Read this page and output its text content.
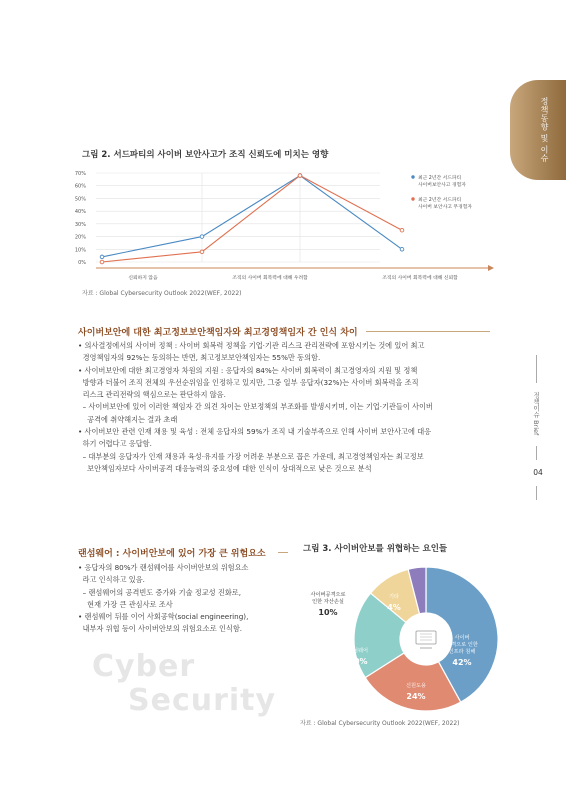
정책동향 및 이슈
정책이슈 Brief
04
그림 2. 서드파티의 사이버 보안사고가 조직 신뢰도에 미치는 영향
0%
10%
20%
30%
40%
50%
60%
70%
신뢰하지 않음	조직의 사이버 회복력에 대해 우려함	조직의 사이버 회복력에 대해 신뢰함
최근 2년간 서드파티
사이버보안사고 경험자
최근 2년간 서드파티
사이버 보안사고 무경험자
자료 : Global Cybersecurity Outlook 2022(WEF, 2022)
사이버보안에 대한 최고정보보안책임자와 최고경영책임자 간 인식 차이

• 의사결정에서의 사이버 정책 : 사이버 회복력 정책을 기업·기관 리스크 관리전략에 포함시키는 것에 있어 최고

경영책임자의 92%는 동의하는 반면, 최고정보보안책임자는 55%만 동의함.

• 사이버보안에 대한 최고경영자 차원의 지원 : 응답자의 84%는 사이버 회복력이 최고경영자의 지원 및 정책

방향과 더불어 조직 전체의 우선순위임을 인정하고 있지만, 그중 일부 응답자(32%)는 사이버 회복력을 조직

리스크 관리전략의 핵심으로는 판단하지 않음.

– 사이버보안에 있어 이러한 책임자 간 의견 차이는 안보정책의 부조화를 발생시키며, 이는 기업·기관들이 사이버

공격에 취약해지는 결과 초래

• 사이버보안 관련 인재 채용 및 육성 : 전체 응답자의 59%가 조직 내 기술부족으로 인해 사이버 보안사고에 대응

하기 어렵다고 응답함.

– 대부분의 응답자가 인재 채용과 육성·유지를 가장 어려운 부분으로 꼽은 가운데, 최고경영책임자는 최고정보

보안책임자보다 사이버공격 대응능력의 중요성에 대한 인식이 상대적으로 낮은 것으로 분석

랜섬웨어 : 사이버안보에 있어 가장 큰 위험요소

• 응답자의 80%가 랜섬웨어를 사이버안보의 위험요소

라고 인식하고 있음.

– 랜섬웨어의 공격빈도 증가와 기술 정교성 진화로,

현재 가장 큰 관심사로 조사

• 랜섬웨어 뒤를 이어 사회공학(social engineering),

내부자 위협 등이 사이버안보의 위험요소로 인식함.

Cyber
Security
그림 3. 사이버안보를 위협하는 요인들
사이버
공격으로 인한
인프라 침해
42%
신원도용
24%
랜섬웨어
20%
사이버공격으로
인한 자산손실
10%
기타
4%
자료 : Global Cybersecurity Outlook 2022(WEF, 2022)
